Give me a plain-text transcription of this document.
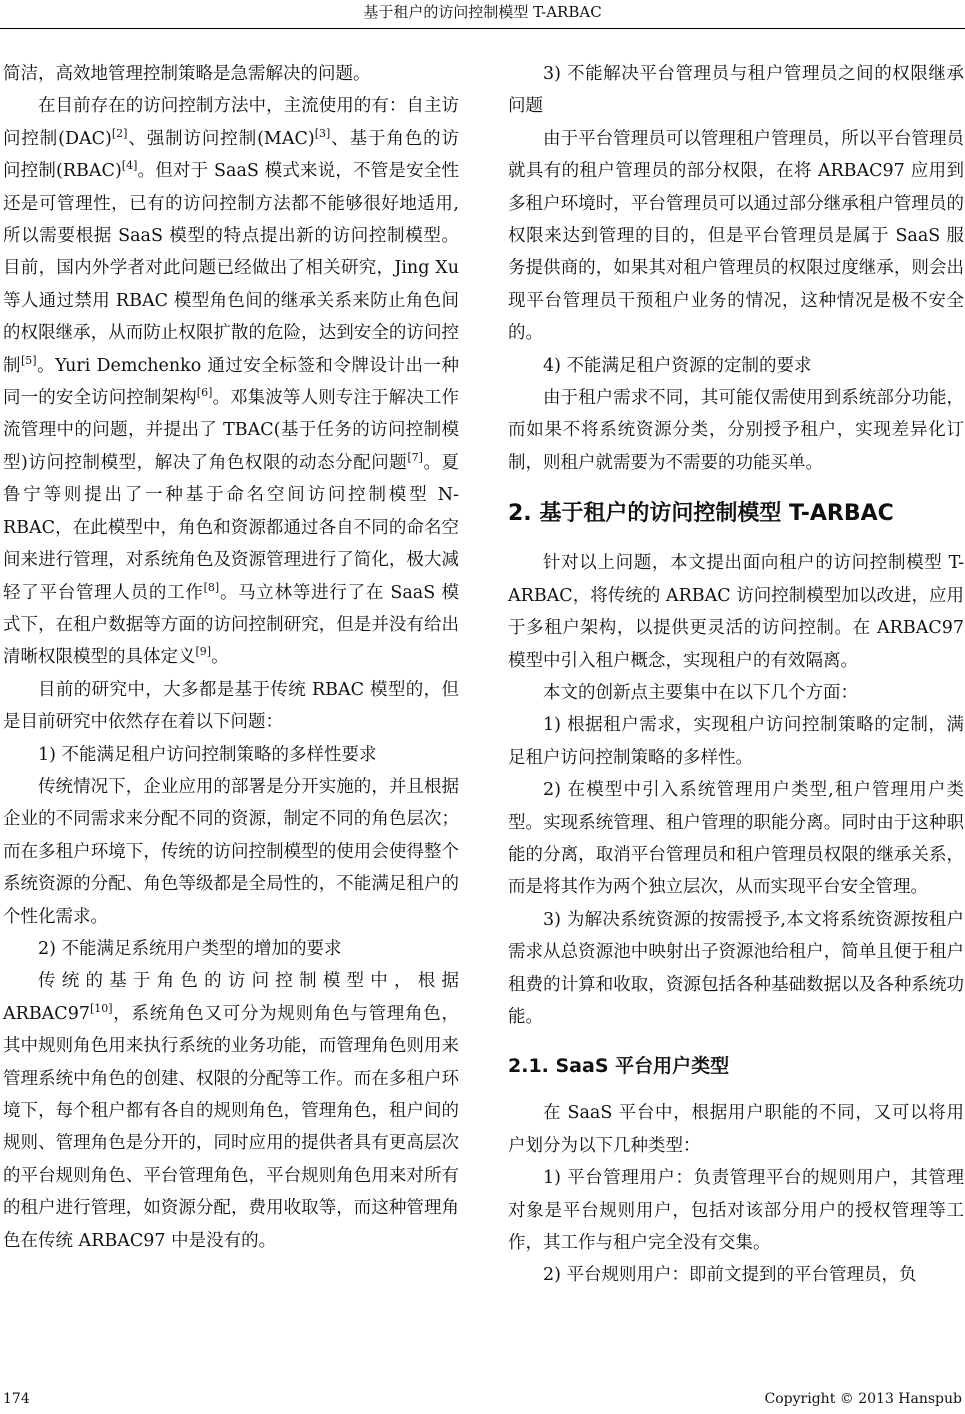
基于租户的访问控制模型 T-ARBAC

简洁，高效地管理控制策略是急需解决的问题。

在目前存在的访问控制方法中，主流使用的有：自主访问控制(DAC)[2]、强制访问控制(MAC)[3]、基于角色的访问控制(RBAC)[4]。但对于 SaaS 模式来说，不管是安全性还是可管理性，已有的访问控制方法都不能够很好地适用,所以需要根据 SaaS 模型的特点提出新的访问控制模型。目前，国内外学者对此问题已经做出了相关研究，Jing Xu 等人通过禁用 RBAC 模型角色间的继承关系来防止角色间的权限继承，从而防止权限扩散的危险，达到安全的访问控制[5]。Yuri Demchenko 通过安全标签和令牌设计出一种同一的安全访问控制架构[6]。邓集波等人则专注于解决工作流管理中的问题，并提出了 TBAC(基于任务的访问控制模型)访问控制模型，解决了角色权限的动态分配问题[7]。夏鲁宁等则提出了一种基于命名空间访问控制模型 N-RBAC，在此模型中，角色和资源都通过各自不同的命名空间来进行管理，对系统角色及资源管理进行了简化，极大减轻了平台管理人员的工作[8]。马立林等进行了在 SaaS 模式下，在租户数据等方面的访问控制研究，但是并没有给出清晰权限模型的具体定义[9]。

目前的研究中，大多都是基于传统 RBAC 模型的，但是目前研究中依然存在着以下问题：

1) 不能满足租户访问控制策略的多样性要求

传统情况下，企业应用的部署是分开实施的，并且根据企业的不同需求来分配不同的资源，制定不同的角色层次；而在多租户环境下，传统的访问控制模型的使用会使得整个系统资源的分配、角色等级都是全局性的，不能满足租户的个性化需求。

2) 不能满足系统用户类型的增加的要求

传统的基于角色的访问控制模型中，根据 ARBAC97[10]，系统角色又可分为规则角色与管理角色，其中规则角色用来执行系统的业务功能，而管理角色则用来管理系统中角色的创建、权限的分配等工作。而在多租户环境下，每个租户都有各自的规则角色，管理角色，租户间的规则、管理角色是分开的，同时应用的提供者具有更高层次的平台规则角色、平台管理角色，平台规则角色用来对所有的租户进行管理，如资源分配，费用收取等，而这种管理角色在传统 ARBAC97 中是没有的。

3) 不能解决平台管理员与租户管理员之间的权限继承问题

由于平台管理员可以管理租户管理员，所以平台管理员就具有的租户管理员的部分权限，在将 ARBAC97 应用到多租户环境时，平台管理员可以通过部分继承租户管理员的权限来达到管理的目的，但是平台管理员是属于 SaaS 服务提供商的，如果其对租户管理员的权限过度继承，则会出现平台管理员干预租户业务的情况，这种情况是极不安全的。

4) 不能满足租户资源的定制的要求

由于租户需求不同，其可能仅需使用到系统部分功能，而如果不将系统资源分类，分别授予租户，实现差异化订制，则租户就需要为不需要的功能买单。

2. 基于租户的访问控制模型 T-ARBAC

针对以上问题，本文提出面向租户的访问控制模型 T-ARBAC，将传统的 ARBAC 访问控制模型加以改进，应用于多租户架构，以提供更灵活的访问控制。在 ARBAC97 模型中引入租户概念，实现租户的有效隔离。

本文的创新点主要集中在以下几个方面：

1) 根据租户需求，实现租户访问控制策略的定制，满足租户访问控制策略的多样性。

2) 在模型中引入系统管理用户类型,租户管理用户类型。实现系统管理、租户管理的职能分离。同时由于这种职能的分离，取消平台管理员和租户管理员权限的继承关系，而是将其作为两个独立层次，从而实现平台安全管理。

3) 为解决系统资源的按需授予,本文将系统资源按租户需求从总资源池中映射出子资源池给租户，简单且便于租户租费的计算和收取，资源包括各种基础数据以及各种系统功能。

2.1. SaaS 平台用户类型

在 SaaS 平台中，根据用户职能的不同，又可以将用户划分为以下几种类型：

1) 平台管理用户：负责管理平台的规则用户，其管理对象是平台规则用户，包括对该部分用户的授权管理等工作，其工作与租户完全没有交集。

2) 平台规则用户：即前文提到的平台管理员，负

174	Copyright © 2013 Hanspub
